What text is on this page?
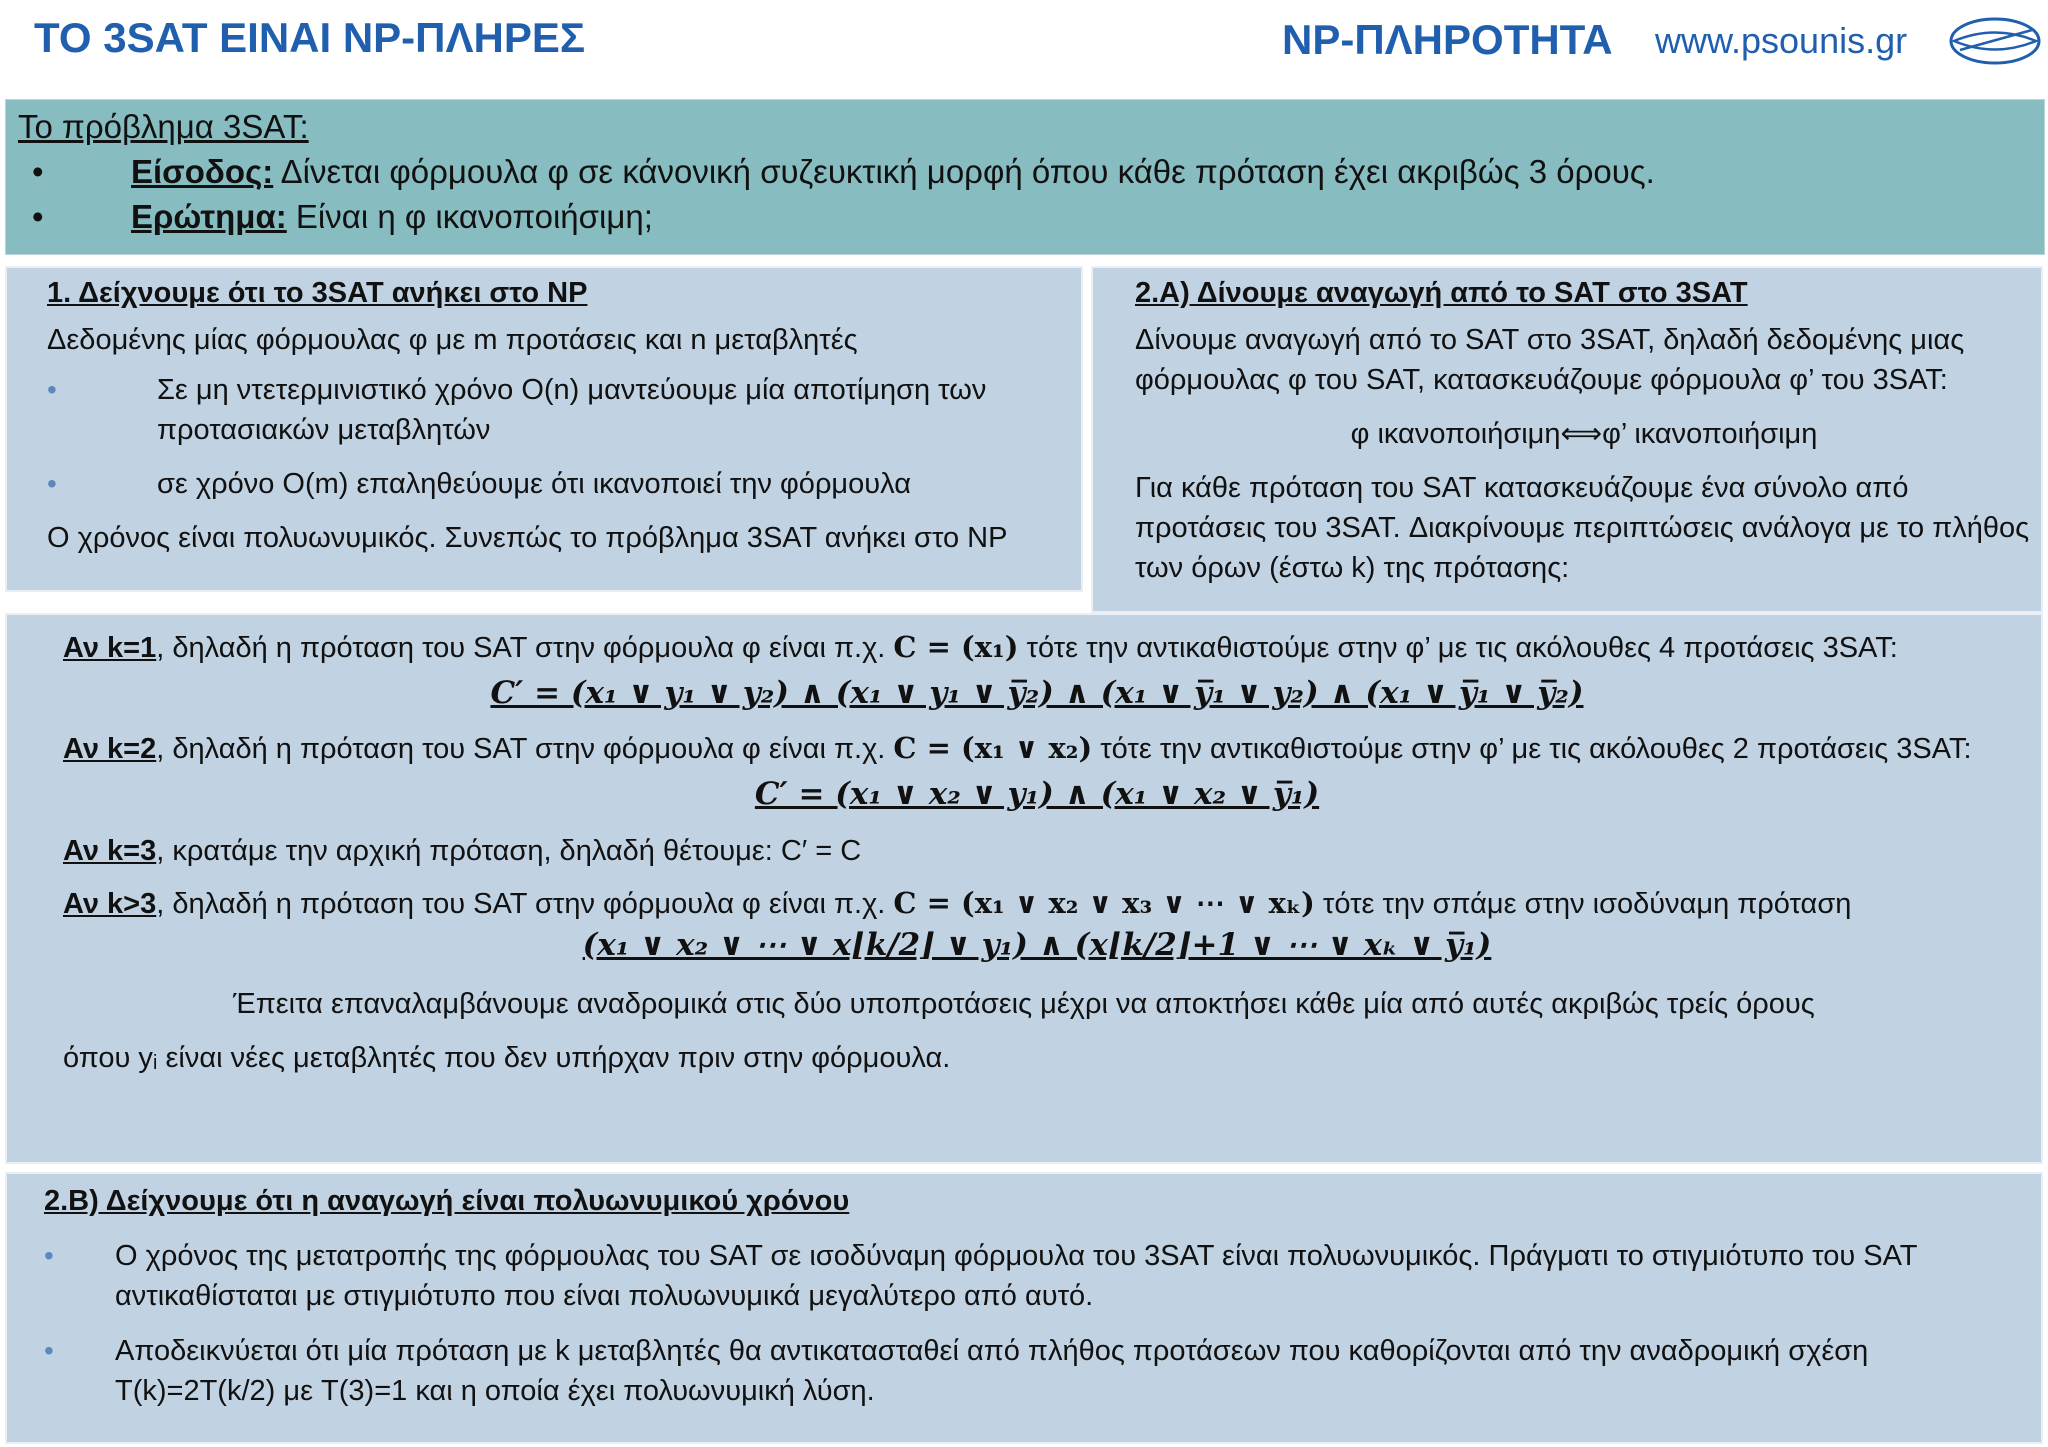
ΤΟ 3SAT ΕΙΝΑΙ NP-ΠΛΗΡΕΣ	NP-ΠΛΗΡΟΤΗΤΑ www.psounis.gr
Το πρόβλημα 3SAT:
•	Είσοδος: Δίνεται φόρμουλα φ σε κάνονική συζευκτική μορφή όπου κάθε πρόταση έχει ακριβώς 3 όρους.
•	Ερώτημα: Είναι η φ ικανοποιήσιμη;
1. Δείχνουμε ότι το 3SAT ανήκει στο NP
Δεδομένης μίας φόρμουλας φ με m προτάσεις και n μεταβλητές
•	Σε μη ντετερμινιστικό χρόνο O(n) μαντεύουμε μία αποτίμηση των προτασιακών μεταβλητών
•	σε χρόνο O(m) επαληθεύουμε ότι ικανοποιεί την φόρμουλα
Ο χρόνος είναι πολυωνυμικός. Συνεπώς το πρόβλημα 3SAT ανήκει στο NP
2.Α) Δίνουμε αναγωγή από το SAT στο 3SAT
Δίνουμε αναγωγή από το SAT στο 3SAT, δηλαδή δεδομένης μιας φόρμουλας φ του SAT, κατασκευάζουμε φόρμουλα φ’ του 3SAT:
φ ικανοποιήσιμη⟺φ’ ικανοποιήσιμη
Για κάθε πρόταση του SAT κατασκευάζουμε ένα σύνολο από προτάσεις του 3SAT. Διακρίνουμε περιπτώσεις ανάλογα με το πλήθος των όρων (έστω k) της πρότασης:
Αν k=1, δηλαδή η πρόταση του SAT στην φόρμουλα φ είναι π.χ. C = (x₁) τότε την αντικαθιστούμε στην φ’ με τις ακόλουθες 4 προτάσεις 3SAT:
C′ = (x₁ ∨ y₁ ∨ y₂) ∧ (x₁ ∨ y₁ ∨ y̅₂) ∧ (x₁ ∨ y̅₁ ∨ y₂) ∧ (x₁ ∨ y̅₁ ∨ y̅₂)
Αν k=2, δηλαδή η πρόταση του SAT στην φόρμουλα φ είναι π.χ. C = (x₁ ∨ x₂) τότε την αντικαθιστούμε στην φ’ με τις ακόλουθες 2 προτάσεις 3SAT:
C′ = (x₁ ∨ x₂ ∨ y₁) ∧ (x₁ ∨ x₂ ∨ y̅₁)
Αν k=3, κρατάμε την αρχική πρόταση, δηλαδή θέτουμε: C′ = C
Αν k>3, δηλαδή η πρόταση του SAT στην φόρμουλα φ είναι π.χ. C = (x₁ ∨ x₂ ∨ x₃ ∨ ⋯ ∨ xₖ) τότε την σπάμε στην ισοδύναμη πρόταση
(x₁ ∨ x₂ ∨ ⋯ ∨ x⌊k/2⌋ ∨ y₁) ∧ (x⌊k/2⌋+1 ∨ ⋯ ∨ xₖ ∨ y̅₁)
Έπειτα επαναλαμβάνουμε αναδρομικά στις δύο υποπροτάσεις μέχρι να αποκτήσει κάθε μία από αυτές ακριβώς τρείς όρους
όπου yᵢ είναι νέες μεταβλητές που δεν υπήρχαν πριν στην φόρμουλα.
2.Β) Δείχνουμε ότι η αναγωγή είναι πολυωνυμικού χρόνου
• Ο χρόνος της μετατροπής της φόρμουλας του SAT σε ισοδύναμη φόρμουλα του 3SAT είναι πολυωνυμικός. Πράγματι το στιγμιότυπο του SAT αντικαθίσταται με στιγμιότυπο που είναι πολυωνυμικά μεγαλύτερο από αυτό.
• Αποδεικνύεται ότι μία πρόταση με k μεταβλητές θα αντικατασταθεί από πλήθος προτάσεων που καθορίζονται από την αναδρομική σχέση T(k)=2T(k/2) με T(3)=1 και η οποία έχει πολυωνυμική λύση.
